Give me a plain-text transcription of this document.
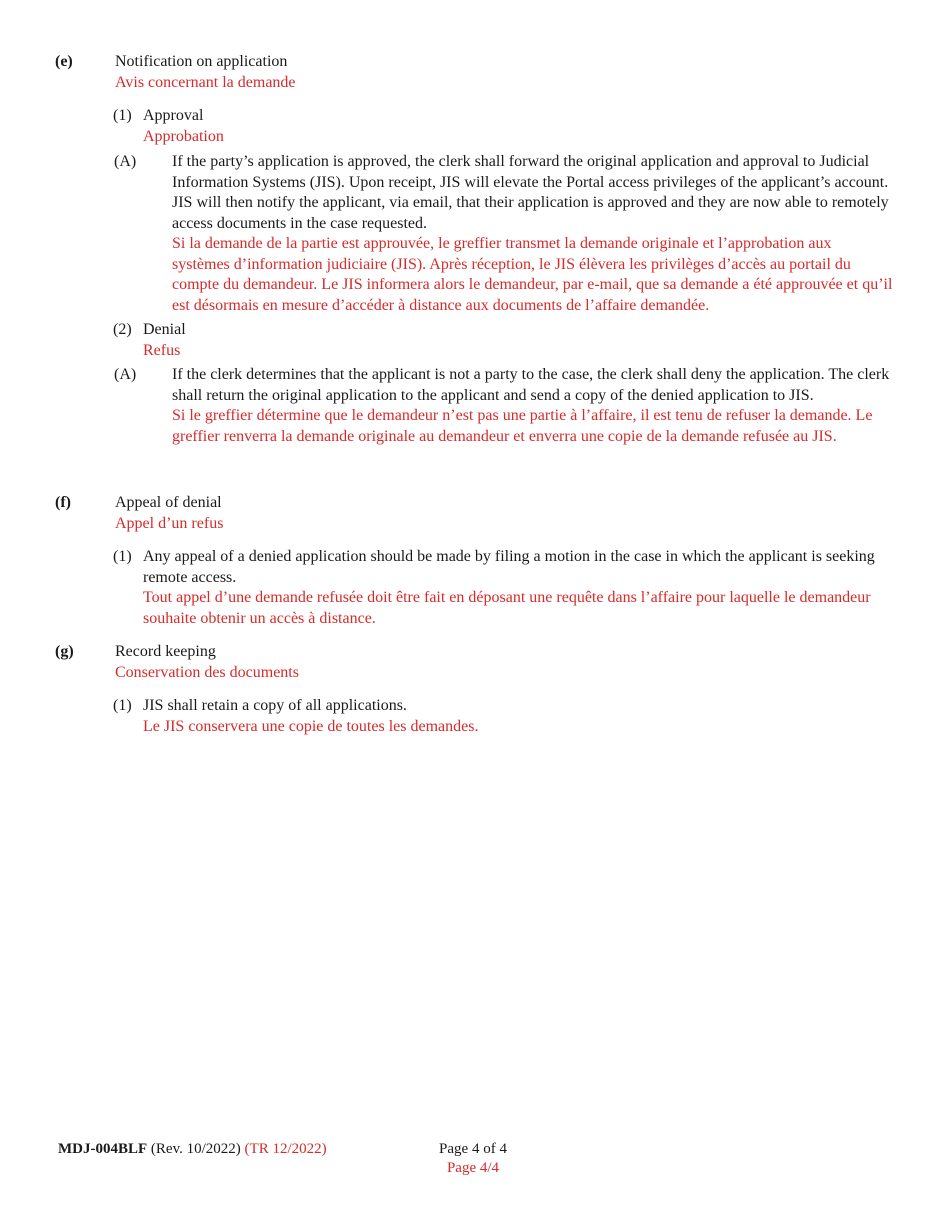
(e)	Notification on application
Avis concernant la demande
(1) Approval
Approbation
(A) If the party’s application is approved, the clerk shall forward the original application and approval to Judicial Information Systems (JIS). Upon receipt, JIS will elevate the Portal access privileges of the applicant’s account. JIS will then notify the applicant, via email, that their application is approved and they are now able to remotely access documents in the case requested.
Si la demande de la partie est approuvée, le greffier transmet la demande originale et l’approbation aux systèmes d’information judiciaire (JIS). Après réception, le JIS élèvera les privilèges d’accès au portail du compte du demandeur. Le JIS informera alors le demandeur, par e-mail, que sa demande a été approuvée et qu’il est désormais en mesure d’accéder à distance aux documents de l’affaire demandée.
(2) Denial
Refus
(A) If the clerk determines that the applicant is not a party to the case, the clerk shall deny the application. The clerk shall return the original application to the applicant and send a copy of the denied application to JIS.
Si le greffier détermine que le demandeur n’est pas une partie à l’affaire, il est tenu de refuser la demande. Le greffier renverra la demande originale au demandeur et enverra une copie de la demande refusée au JIS.
(f)	Appeal of denial
Appel d’un refus
(1) Any appeal of a denied application should be made by filing a motion in the case in which the applicant is seeking remote access.
Tout appel d’une demande refusée doit être fait en déposant une requête dans l’affaire pour laquelle le demandeur souhaite obtenir un accès à distance.
(g)	Record keeping
Conservation des documents
(1) JIS shall retain a copy of all applications.
Le JIS conservera une copie de toutes les demandes.
MDJ-004BLF (Rev. 10/2022) (TR 12/2022)	Page 4 of 4
Page 4/4
